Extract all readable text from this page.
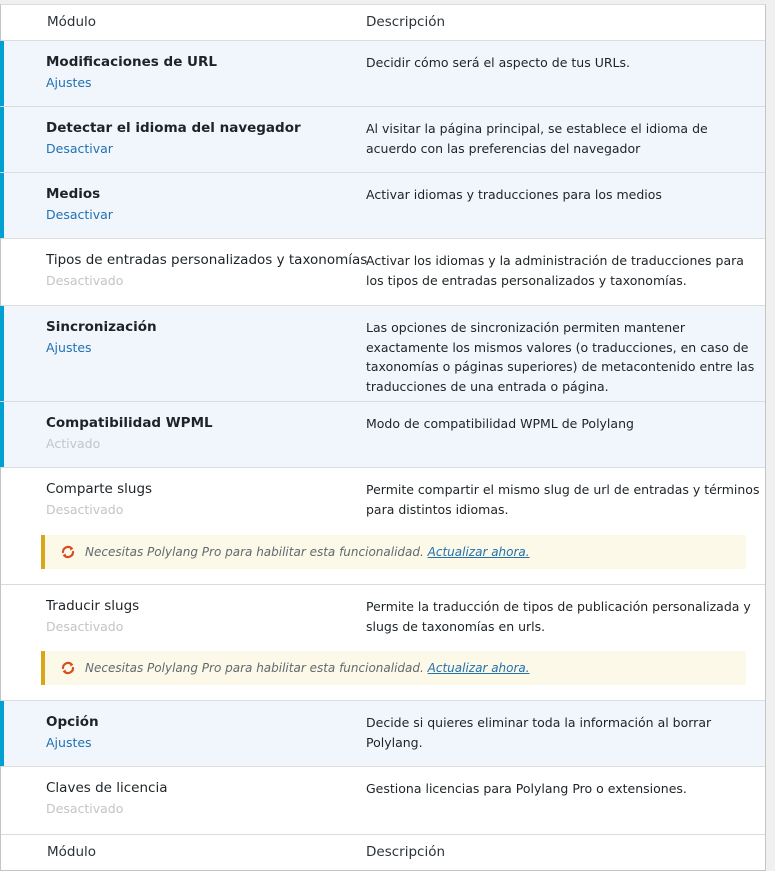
Módulo	Descripción
Modificaciones de URL
Ajustes
Decidir cómo será el aspecto de tus URLs.
Detectar el idioma del navegador
Desactivar
Al visitar la página principal, se establece el idioma de acuerdo con las preferencias del navegador
Medios
Desactivar
Activar idiomas y traducciones para los medios
Tipos de entradas personalizados y taxonomías
Desactivado
Activar los idiomas y la administración de traducciones para los tipos de entradas personalizados y taxonomías.
Sincronización
Ajustes
Las opciones de sincronización permiten mantener exactamente los mismos valores (o traducciones, en caso de taxonomías o páginas superiores) de metacontenido entre las traducciones de una entrada o página.
Compatibilidad WPML
Activado
Modo de compatibilidad WPML de Polylang
Comparte slugs
Desactivado
Permite compartir el mismo slug de url de entradas y términos para distintos idiomas.
Necesitas Polylang Pro para habilitar esta funcionalidad. Actualizar ahora.
Traducir slugs
Desactivado
Permite la traducción de tipos de publicación personalizada y slugs de taxonomías en urls.
Necesitas Polylang Pro para habilitar esta funcionalidad. Actualizar ahora.
Opción
Ajustes
Decide si quieres eliminar toda la información al borrar Polylang.
Claves de licencia
Desactivado
Gestiona licencias para Polylang Pro o extensiones.
Módulo	Descripción
